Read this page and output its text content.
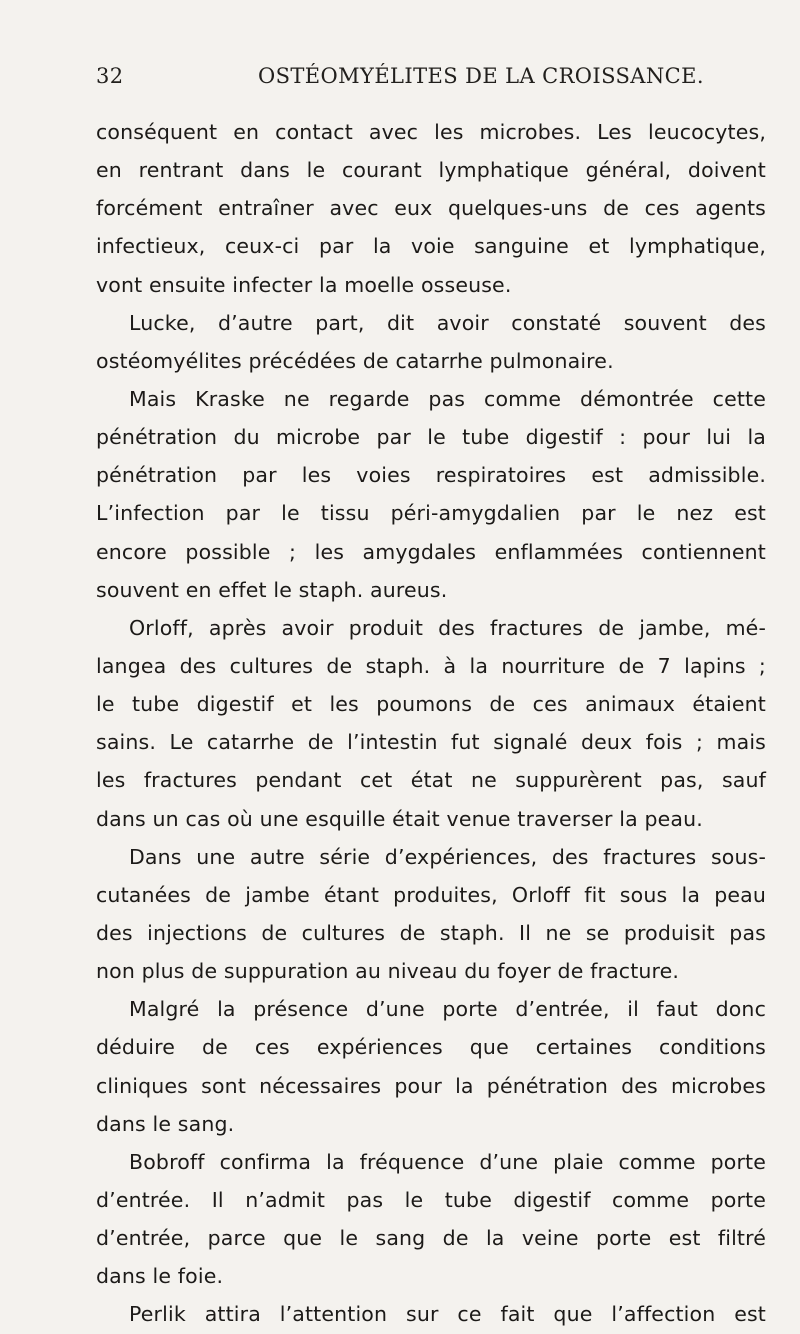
32	OSTÉOMYÉLITES DE LA CROISSANCE.
conséquent en contact avec les microbes. Les leucocytes,
en rentrant dans le courant lymphatique général, doivent
forcément entraîner avec eux quelques-uns de ces agents
infectieux, ceux-ci par la voie sanguine et lymphatique,
vont ensuite infecter la moelle osseuse.
Lucke, d’autre part, dit avoir constaté souvent des
ostéomyélites précédées de catarrhe pulmonaire.
Mais Kraske ne regarde pas comme démontrée cette
pénétration du microbe par le tube digestif : pour lui la
pénétration par les voies respiratoires est admissible.
L’infection par le tissu péri-amygdalien par le nez est
encore possible ; les amygdales enflammées contiennent
souvent en effet le staph. aureus.
Orloff, après avoir produit des fractures de jambe, mé-
langea des cultures de staph. à la nourriture de 7 lapins ;
le tube digestif et les poumons de ces animaux étaient
sains. Le catarrhe de l’intestin fut signalé deux fois ; mais
les fractures pendant cet état ne suppurèrent pas, sauf
dans un cas où une esquille était venue traverser la peau.
Dans une autre série d’expériences, des fractures sous-
cutanées de jambe étant produites, Orloff fit sous la peau
des injections de cultures de staph. Il ne se produisit pas
non plus de suppuration au niveau du foyer de fracture.
Malgré la présence d’une porte d’entrée, il faut donc
déduire de ces expériences que certaines conditions
cliniques sont nécessaires pour la pénétration des microbes
dans le sang.
Bobroff confirma la fréquence d’une plaie comme porte
d’entrée. Il n’admit pas le tube digestif comme porte
d’entrée, parce que le sang de la veine porte est filtré
dans le foie.
Perlik attira l’attention sur ce fait que l’affection est
